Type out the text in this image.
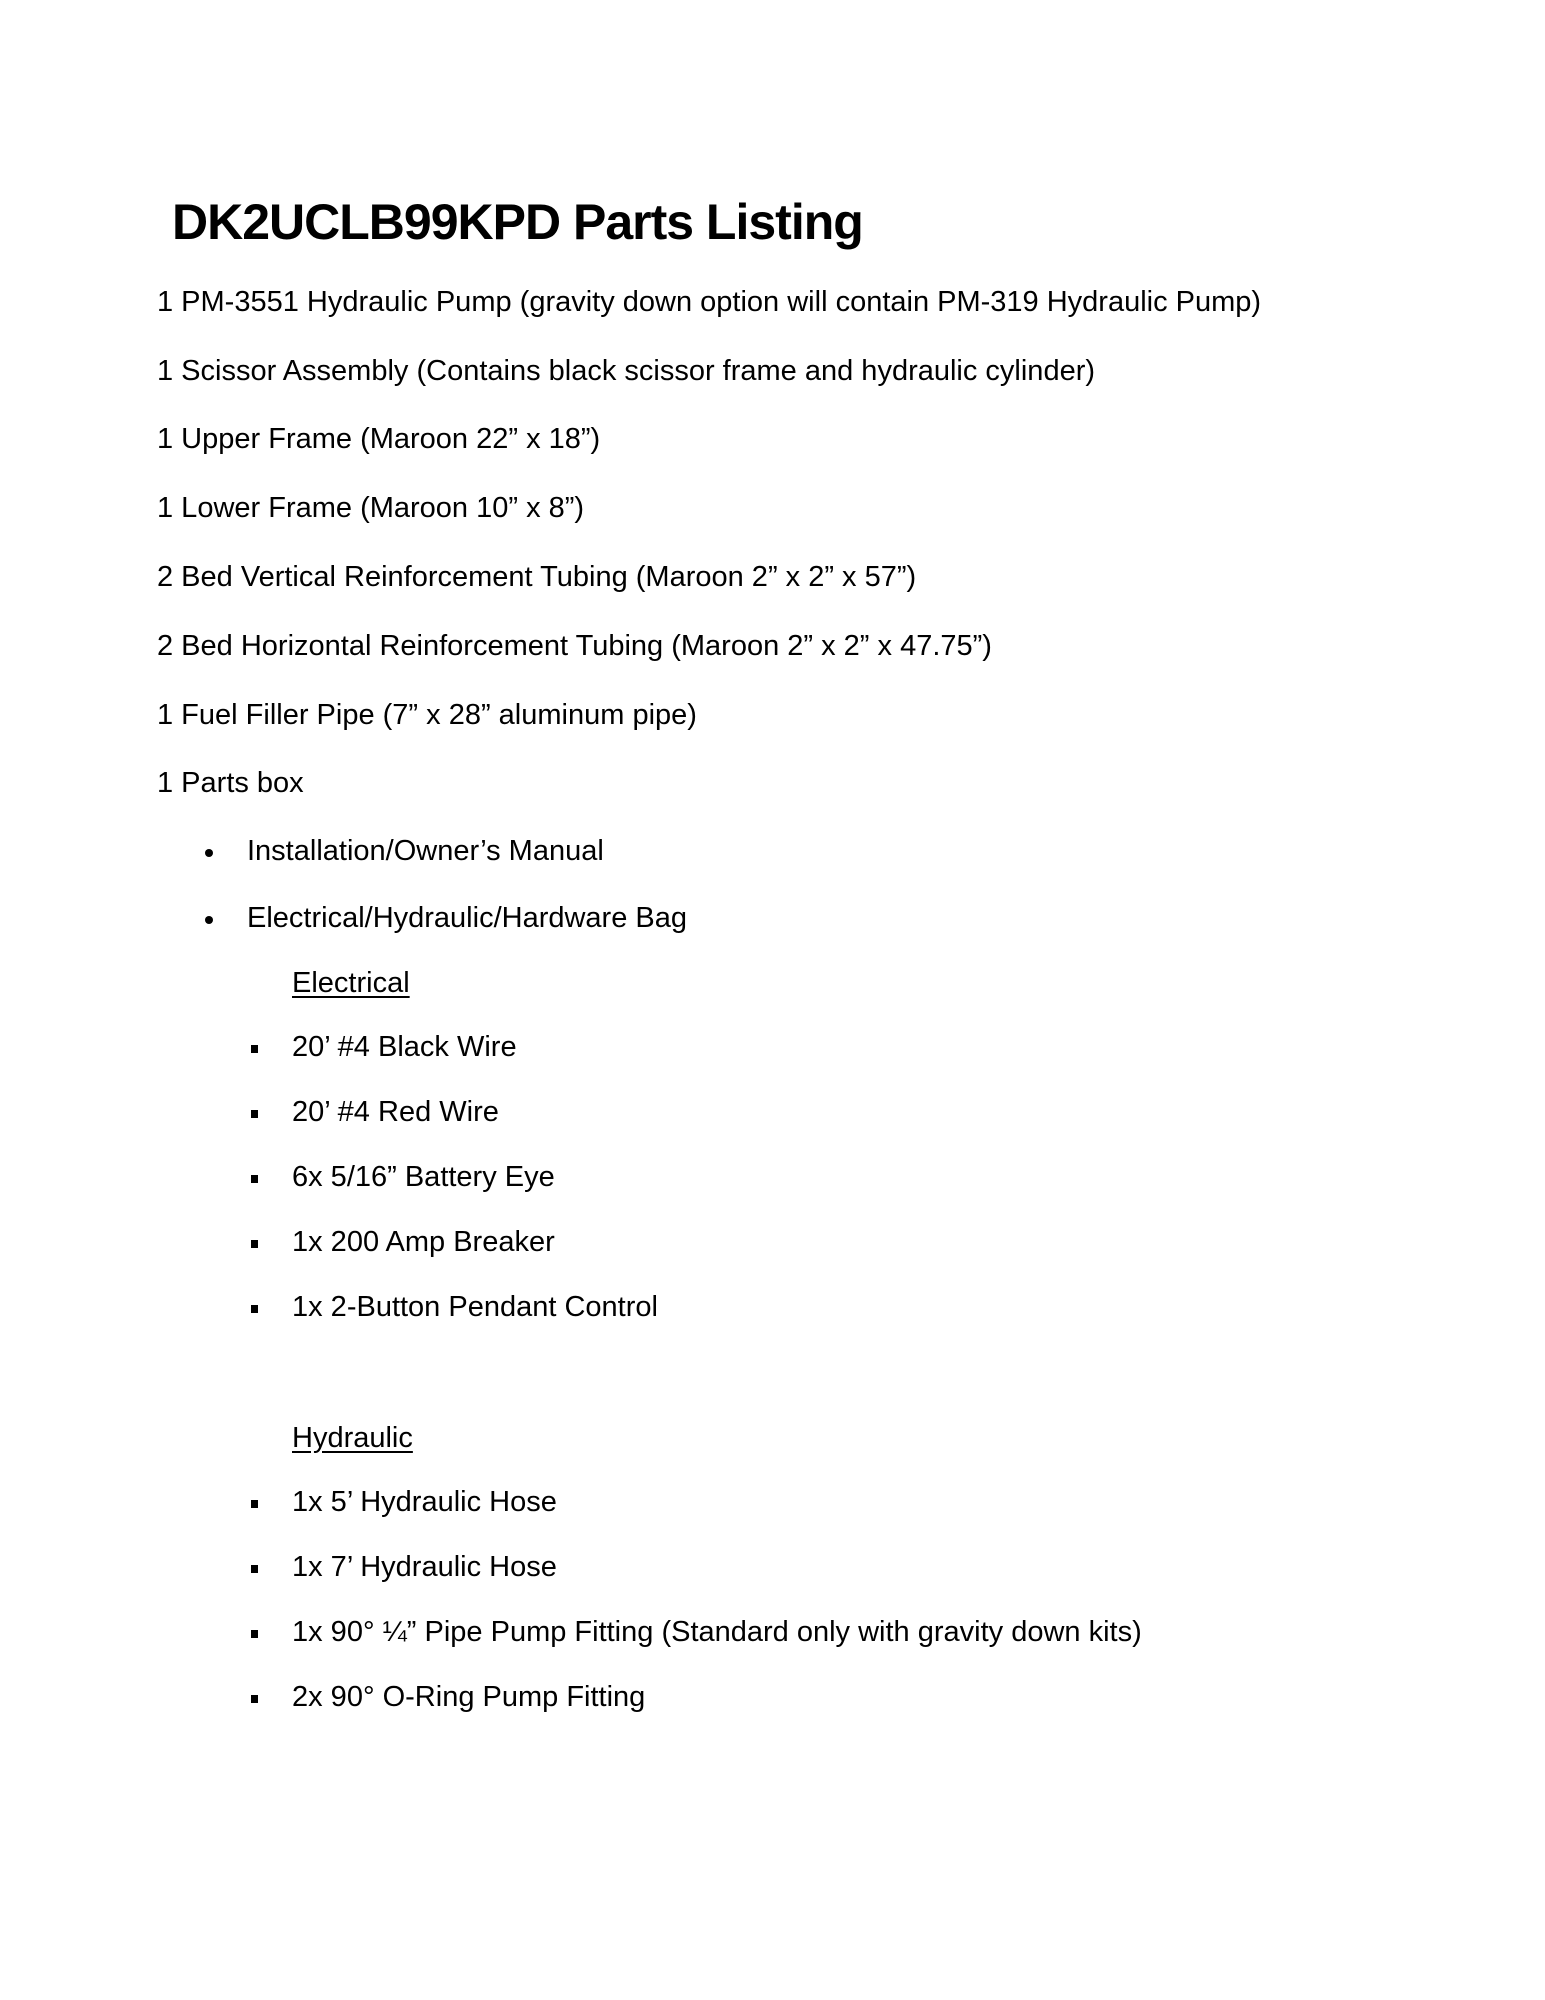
DK2UCLB99KPD Parts Listing
1 PM-3551 Hydraulic Pump (gravity down option will contain PM-319 Hydraulic Pump)
1 Scissor Assembly (Contains black scissor frame and hydraulic cylinder)
1 Upper Frame (Maroon 22” x 18”)
1 Lower Frame (Maroon 10” x 8”)
2 Bed Vertical Reinforcement Tubing (Maroon 2” x 2” x 57”)
2 Bed Horizontal Reinforcement Tubing (Maroon 2” x 2” x 47.75”)
1 Fuel Filler Pipe (7” x 28” aluminum pipe)
1 Parts box
Installation/Owner’s Manual
Electrical/Hydraulic/Hardware Bag
Electrical
20’ #4 Black Wire
20’ #4 Red Wire
6x 5/16” Battery Eye
1x 200 Amp Breaker
1x 2-Button Pendant Control
Hydraulic
1x 5’ Hydraulic Hose
1x 7’ Hydraulic Hose
1x 90° ¼” Pipe Pump Fitting (Standard only with gravity down kits)
2x 90° O-Ring Pump Fitting
